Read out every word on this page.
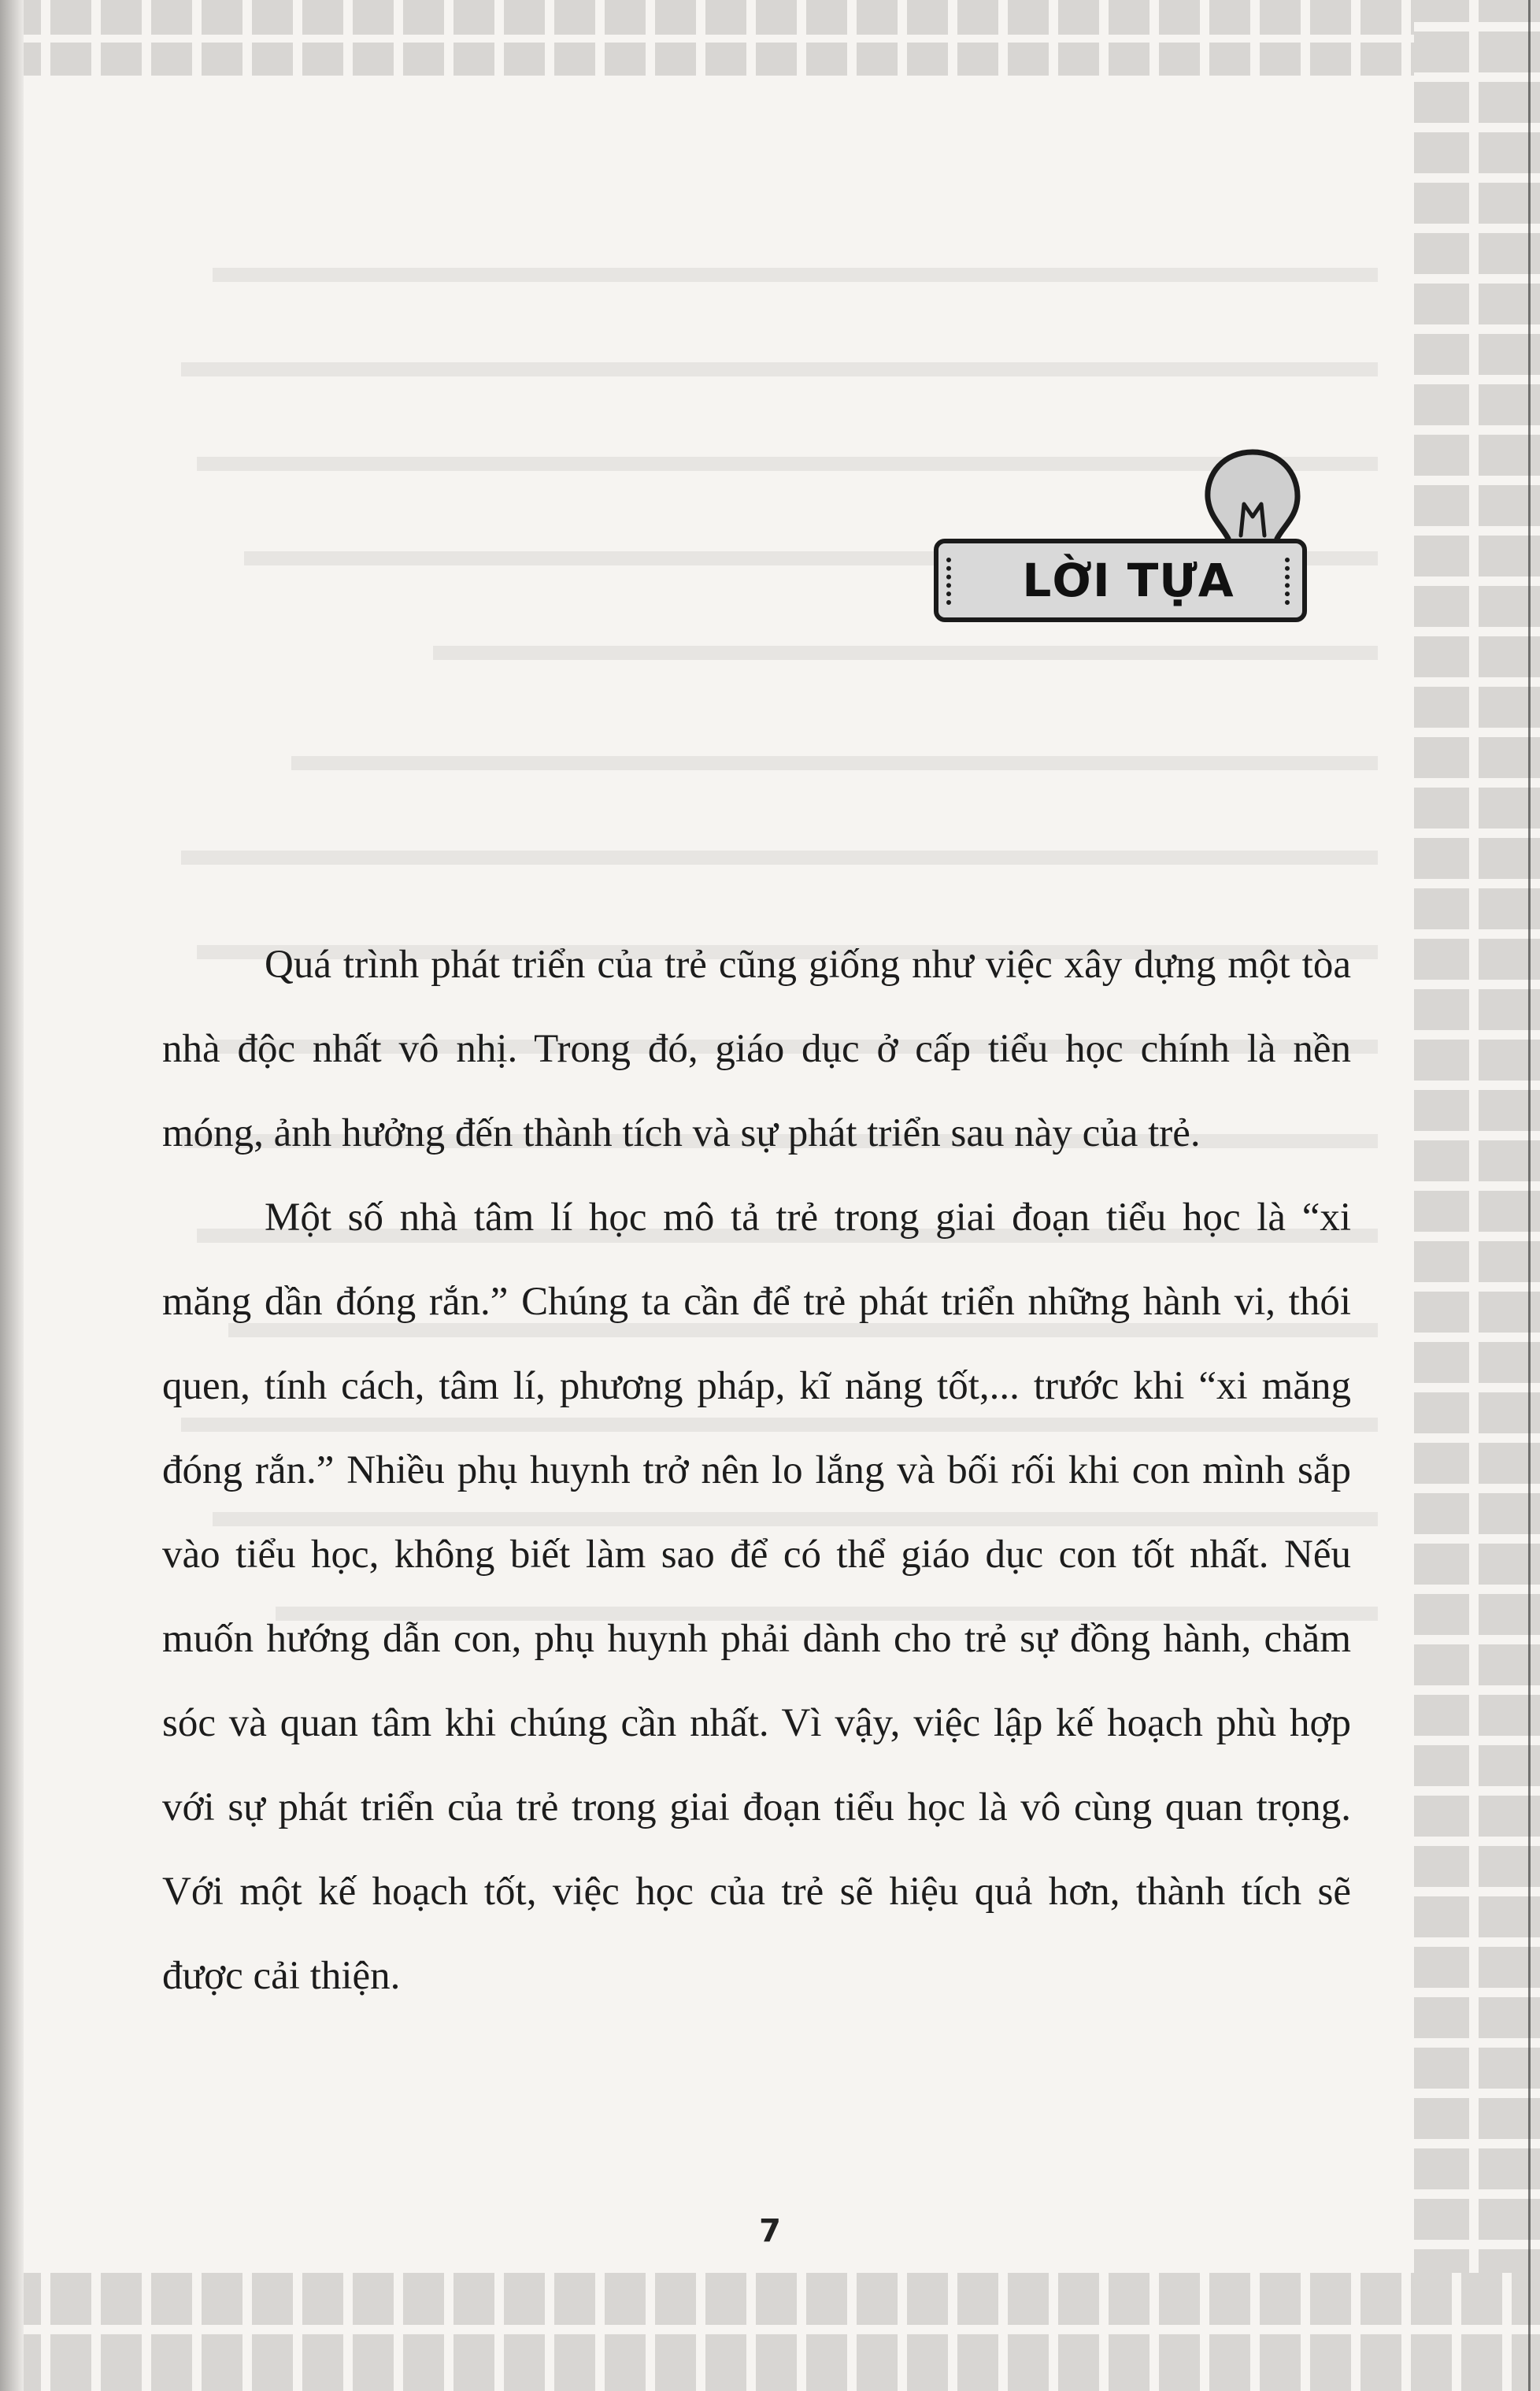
LỜI TỰA

Quá trình phát triển của trẻ cũng giống như việc xây dựng một tòa nhà độc nhất vô nhị. Trong đó, giáo dục ở cấp tiểu học chính là nền móng, ảnh hưởng đến thành tích và sự phát triển sau này của trẻ.

Một số nhà tâm lí học mô tả trẻ trong giai đoạn tiểu học là “xi măng dần đóng rắn.” Chúng ta cần để trẻ phát triển những hành vi, thói quen, tính cách, tâm lí, phương pháp, kĩ năng tốt,... trước khi “xi măng đóng rắn.” Nhiều phụ huynh trở nên lo lắng và bối rối khi con mình sắp vào tiểu học, không biết làm sao để có thể giáo dục con tốt nhất. Nếu muốn hướng dẫn con, phụ huynh phải dành cho trẻ sự đồng hành, chăm sóc và quan tâm khi chúng cần nhất. Vì vậy, việc lập kế hoạch phù hợp với sự phát triển của trẻ trong giai đoạn tiểu học là vô cùng quan trọng. Với một kế hoạch tốt, việc học của trẻ sẽ hiệu quả hơn, thành tích sẽ được cải thiện.

7
